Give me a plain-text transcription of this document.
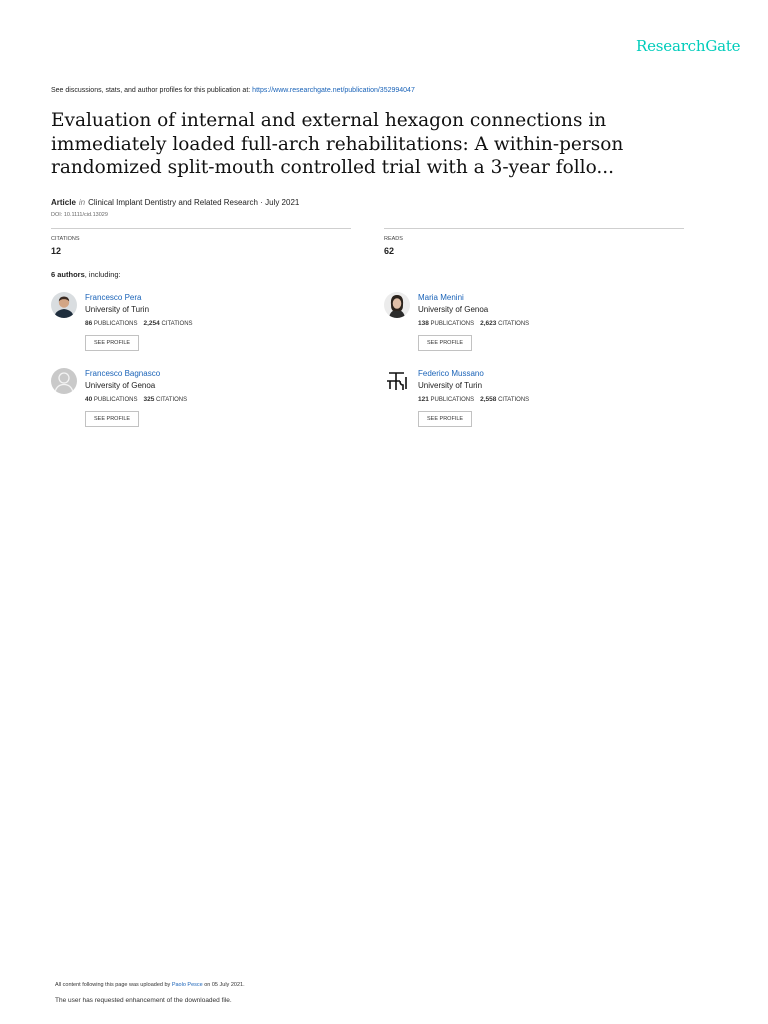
ResearchGate
See discussions, stats, and author profiles for this publication at: https://www.researchgate.net/publication/352994047
Evaluation of internal and external hexagon connections in immediately loaded full-arch rehabilitations: A within-person randomized split-mouth controlled trial with a 3-year follo...
Article in Clinical Implant Dentistry and Related Research · July 2021
DOI: 10.1111/cid.13029
CITATIONS
12
READS
62
6 authors, including:
Francesco Pera
University of Turin
86 PUBLICATIONS 2,254 CITATIONS
SEE PROFILE
Maria Menini
University of Genoa
138 PUBLICATIONS 2,623 CITATIONS
SEE PROFILE
Francesco Bagnasco
University of Genoa
40 PUBLICATIONS 325 CITATIONS
SEE PROFILE
Federico Mussano
University of Turin
121 PUBLICATIONS 2,558 CITATIONS
SEE PROFILE
All content following this page was uploaded by Paolo Pesce on 05 July 2021.
The user has requested enhancement of the downloaded file.
